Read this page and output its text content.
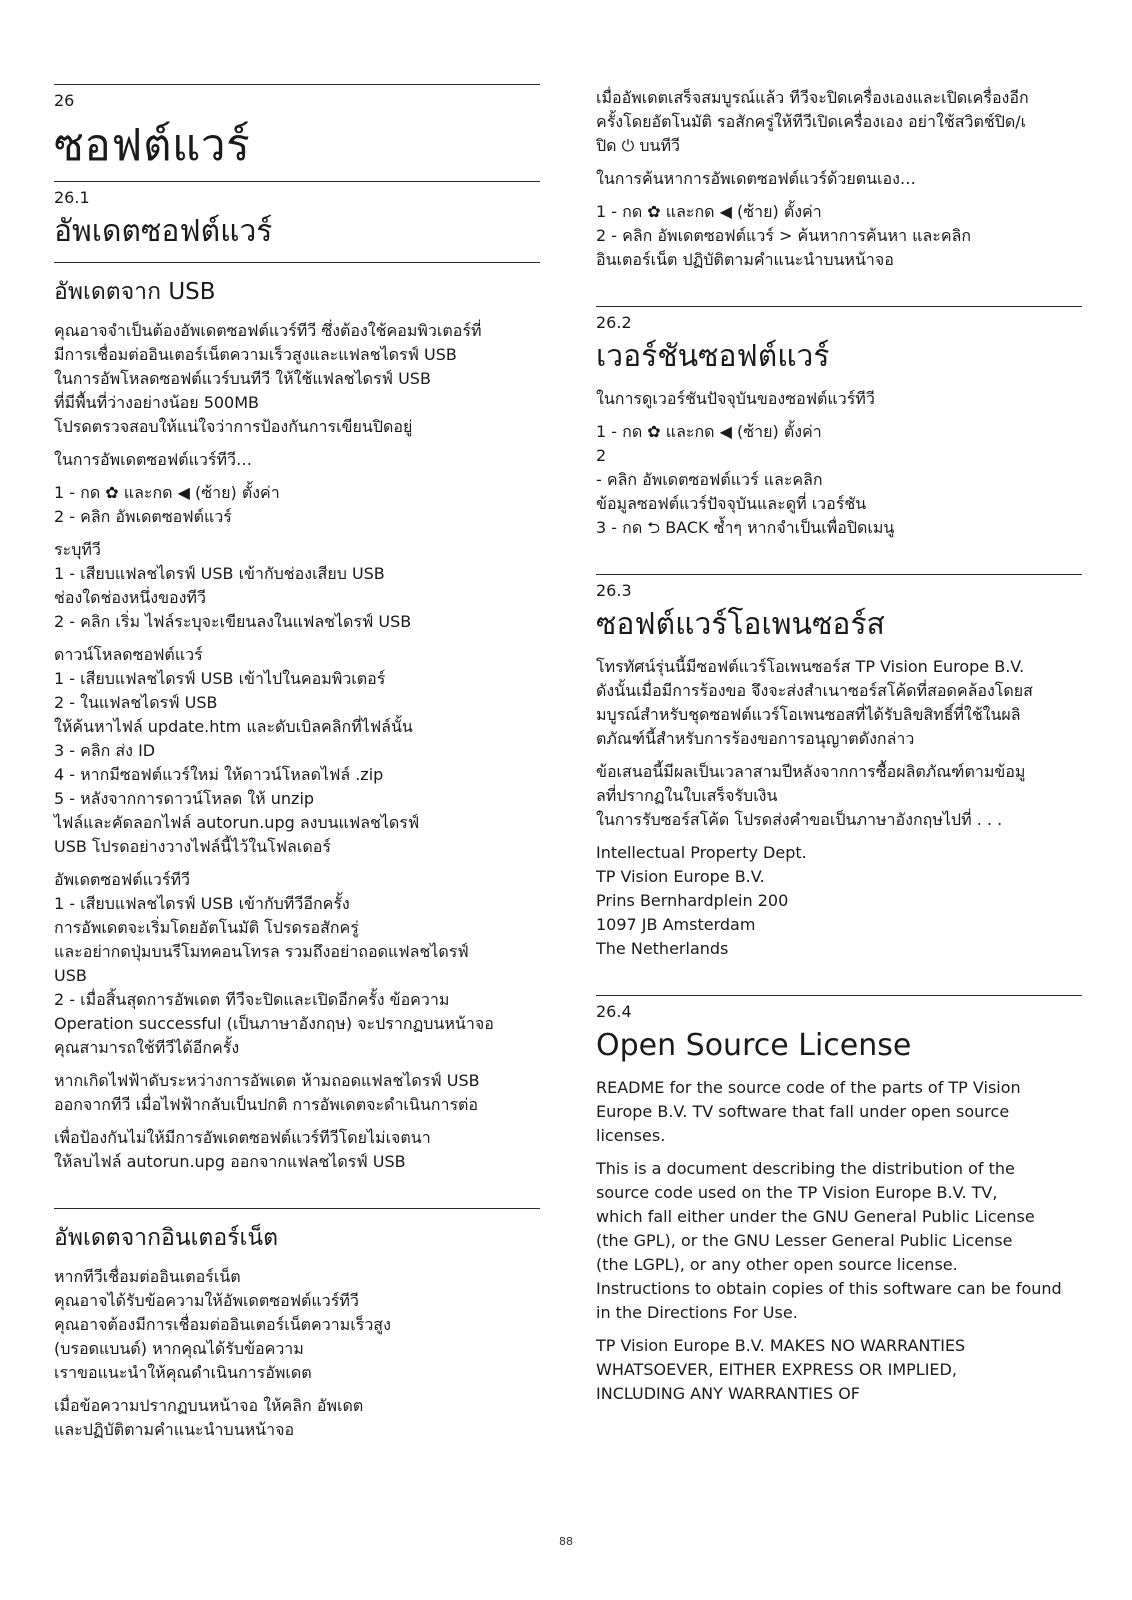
26
ซอฟต์แวร์
26.1
อัพเดตซอฟต์แวร์
อัพเดตจาก USB
คุณอาจจำเป็นต้องอัพเดตซอฟต์แวร์ทีวี ซึ่งต้องใช้คอมพิวเตอร์ที่
มีการเชื่อมต่ออินเตอร์เน็ตความเร็วสูงและแฟลชไดรฟ์ USB
ในการอัพโหลดซอฟต์แวร์บนทีวี ให้ใช้แฟลชไดรฟ์ USB
ที่มีพื้นที่ว่างอย่างน้อย 500MB
โปรดตรวจสอบให้แน่ใจว่าการป้องกันการเขียนปิดอยู่
ในการอัพเดตซอฟต์แวร์ทีวี…
1 - กด ✿ และกด ◀ (ซ้าย) ตั้งค่า
2 - คลิก อัพเดตซอฟต์แวร์
ระบุทีวี
1 - เสียบแฟลชไดรฟ์ USB เข้ากับช่องเสียบ USB
ช่องใดช่องหนึ่งของทีวี
2 - คลิก เริ่ม ไฟล์ระบุจะเขียนลงในแฟลชไดรฟ์ USB
ดาวน์โหลดซอฟต์แวร์
1 - เสียบแฟลชไดรฟ์ USB เข้าไปในคอมพิวเตอร์
2 - ในแฟลชไดรฟ์ USB
ให้ค้นหาไฟล์ update.htm และดับเบิลคลิกที่ไฟล์นั้น
3 - คลิก ส่ง ID
4 - หากมีซอฟต์แวร์ใหม่ ให้ดาวน์โหลดไฟล์ .zip
5 - หลังจากการดาวน์โหลด ให้ unzip
ไฟล์และคัดลอกไฟล์ autorun.upg ลงบนแฟลชไดรฟ์
USB โปรดอย่างวางไฟล์นี้ไว้ในโฟลเดอร์
อัพเดตซอฟต์แวร์ทีวี
1 - เสียบแฟลชไดรฟ์ USB เข้ากับทีวีอีกครั้ง
การอัพเดตจะเริ่มโดยอัตโนมัติ โปรดรอสักครู่
และอย่ากดปุ่มบนรีโมทคอนโทรล รวมถึงอย่าถอดแฟลชไดรฟ์
USB
2 - เมื่อสิ้นสุดการอัพเดต ทีวีจะปิดและเปิดอีกครั้ง ข้อความ
Operation successful (เป็นภาษาอังกฤษ) จะปรากฏบนหน้าจอ
คุณสามารถใช้ทีวีได้อีกครั้ง
หากเกิดไฟฟ้าดับระหว่างการอัพเดต ห้ามถอดแฟลชไดรฟ์ USB
ออกจากทีวี เมื่อไฟฟ้ากลับเป็นปกติ การอัพเดตจะดำเนินการต่อ
เพื่อป้องกันไม่ให้มีการอัพเดตซอฟต์แวร์ทีวีโดยไม่เจตนา
ให้ลบไฟล์ autorun.upg ออกจากแฟลชไดรฟ์ USB
อัพเดตจากอินเตอร์เน็ต
หากทีวีเชื่อมต่ออินเตอร์เน็ต
คุณอาจได้รับข้อความให้อัพเดตซอฟต์แวร์ทีวี
คุณอาจต้องมีการเชื่อมต่ออินเตอร์เน็ตความเร็วสูง
(บรอดแบนด์) หากคุณได้รับข้อความ
เราขอแนะนำให้คุณดำเนินการอัพเดต
เมื่อข้อความปรากฏบนหน้าจอ ให้คลิก อัพเดต
และปฏิบัติตามคำแนะนำบนหน้าจอ
เมื่ออัพเดตเสร็จสมบูรณ์แล้ว ทีวีจะปิดเครื่องเองและเปิดเครื่องอีก
ครั้งโดยอัตโนมัติ รอสักครู่ให้ทีวีเปิดเครื่องเอง อย่าใช้สวิตช์ปิด/เ
ปิด ⏻ บนทีวี
ในการค้นหาการอัพเดตซอฟต์แวร์ด้วยตนเอง…
1 - กด ✿ และกด ◀ (ซ้าย) ตั้งค่า
2 - คลิก อัพเดตซอฟต์แวร์ > ค้นหาการค้นหา และคลิก
อินเตอร์เน็ต ปฏิบัติตามคำแนะนำบนหน้าจอ
26.2
เวอร์ชันซอฟต์แวร์
ในการดูเวอร์ชันปัจจุบันของซอฟต์แวร์ทีวี
1 - กด ✿ และกด ◀ (ซ้าย) ตั้งค่า
2
- คลิก อัพเดตซอฟต์แวร์ และคลิก
ข้อมูลซอฟต์แวร์ปัจจุบันและดูที่ เวอร์ชัน
3 - กด ⮌ BACK ซ้ำๆ หากจำเป็นเพื่อปิดเมนู
26.3
ซอฟต์แวร์โอเพนซอร์ส
โทรทัศน์รุ่นนี้มีซอฟต์แวร์โอเพนซอร์ส TP Vision Europe B.V.
ดังนั้นเมื่อมีการร้องขอ จึงจะส่งสำเนาซอร์สโค้ดที่สอดคล้องโดยส
มบูรณ์สำหรับชุดซอฟต์แวร์โอเพนซอสที่ได้รับลิขสิทธิ์ที่ใช้ในผลิ
ตภัณฑ์นี้สำหรับการร้องขอการอนุญาตดังกล่าว
ข้อเสนอนี้มีผลเป็นเวลาสามปีหลังจากการซื้อผลิตภัณฑ์ตามข้อมู
ลที่ปรากฏในใบเสร็จรับเงิน
ในการรับซอร์สโค้ด โปรดส่งคำขอเป็นภาษาอังกฤษไปที่ . . .
Intellectual Property Dept.
TP Vision Europe B.V.
Prins Bernhardplein 200
1097 JB Amsterdam
The Netherlands
26.4
Open Source License
README for the source code of the parts of TP Vision
Europe B.V. TV software that fall under open source
licenses.
This is a document describing the distribution of the
source code used on the TP Vision Europe B.V. TV,
which fall either under the GNU General Public License
(the GPL), or the GNU Lesser General Public License
(the LGPL), or any other open source license.
Instructions to obtain copies of this software can be found
in the Directions For Use.
TP Vision Europe B.V. MAKES NO WARRANTIES
WHATSOEVER, EITHER EXPRESS OR IMPLIED,
INCLUDING ANY WARRANTIES OF
88
